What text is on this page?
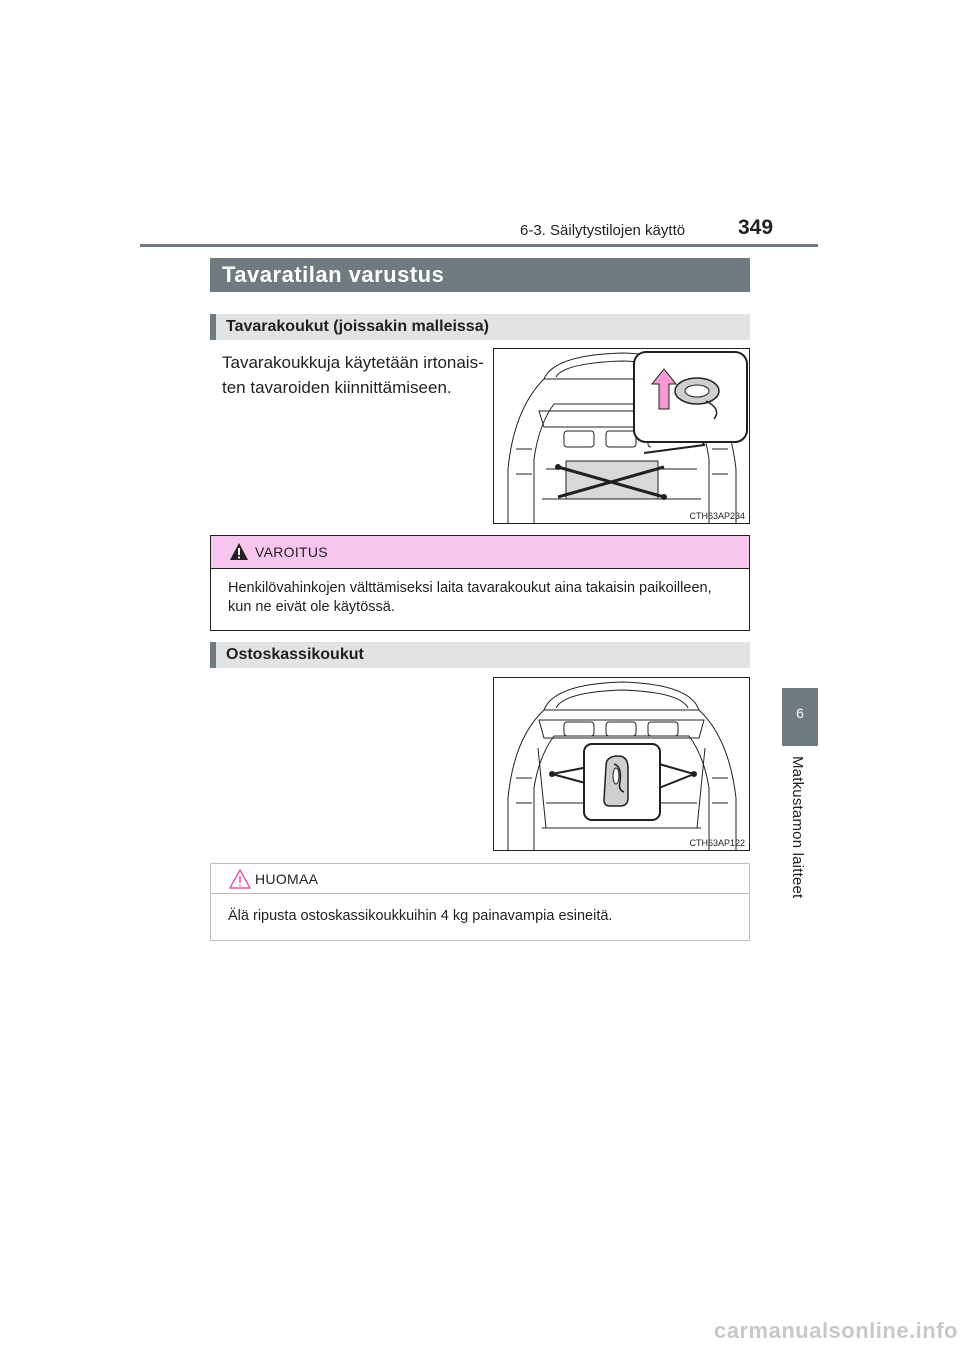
6-3. Säilytystilojen käyttö	349
6
Matkustamon laitteet
Tavaratilan varustus
Tavarakoukut (joissakin malleissa)
Tavarakoukkuja käytetään irtonais-
ten tavaroiden kiinnittämiseen.
CTH63AP234
VAROITUS
Henkilövahinkojen välttämiseksi laita tavarakoukut aina takaisin paikoilleen,
kun ne eivät ole käytössä.
Ostoskassikoukut
CTH63AP122
HUOMAA
Älä ripusta ostoskassikoukkuihin 4 kg painavampia esineitä.
carmanualsonline.info
